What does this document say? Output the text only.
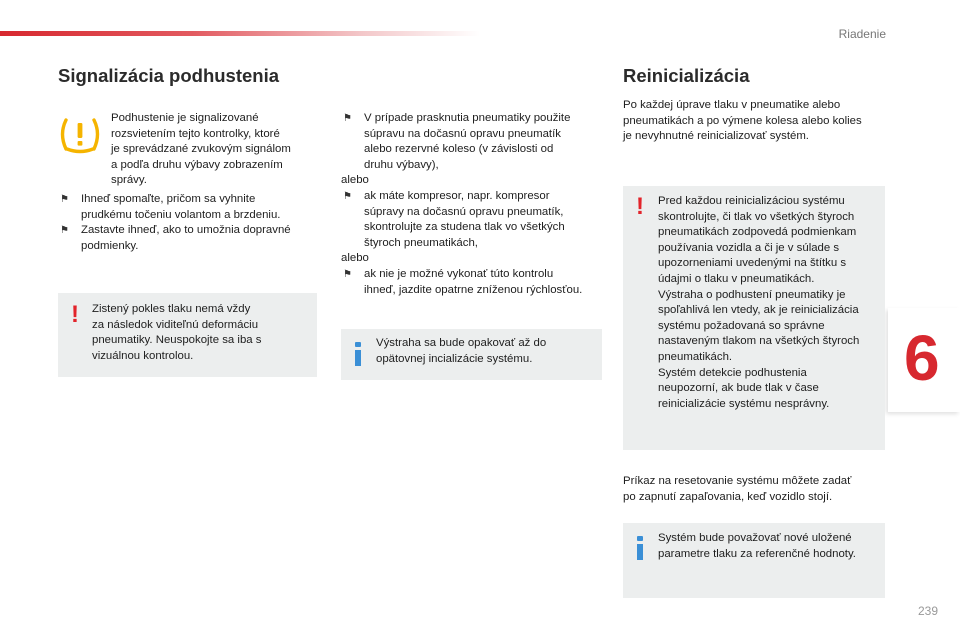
Riadenie
6
Signalizácia podhustenia

Podhustenie je signalizované

rozsvietením tejto kontrolky, ktoré

je sprevádzané zvukovým signálom

a podľa druhu výbavy zobrazením

správy.

⚑ Ihneď spomaľte, pričom sa vyhnite

prudkému točeniu volantom a brzdeniu.

⚑ Zastavte ihneď, ako to umožnia dopravné

podmienky.

! Zistený pokles tlaku nemá vždy

za následok viditeľnú deformáciu

pneumatiky. Neuspokojte sa iba s

vizuálnou kontrolou.

⚑ V prípade prasknutia pneumatiky použite

súpravu na dočasnú opravu pneumatík

alebo rezervné koleso (v závislosti od

druhu výbavy),

alebo

⚑ ak máte kompresor, napr. kompresor

súpravy na dočasnú opravu pneumatík,

skontrolujte za studena tlak vo všetkých

štyroch pneumatikách,

alebo

⚑ ak nie je možné vykonať túto kontrolu

ihneď, jazdite opatrne zníženou rýchlosťou.

Výstraha sa bude opakovať až do

opätovnej incializácie systému.

Reinicializácia

Po každej úprave tlaku v pneumatike alebo

pneumatikách a po výmene kolesa alebo kolies

je nevyhnutné reinicializovať systém.

! Pred každou reinicializáciou systému

skontrolujte, či tlak vo všetkých štyroch

pneumatikách zodpovedá podmienkam

používania vozidla a či je v súlade s

upozorneniami uvedenými na štítku s

údajmi o tlaku v pneumatikách.

Výstraha o podhustení pneumatiky je

spoľahlivá len vtedy, ak je reinicializácia

systému požadovaná so správne

nastaveným tlakom na všetkých štyroch

pneumatikách.

Systém detekcie podhustenia

neupozorní, ak bude tlak v čase

reinicializácie systému nesprávny.

Príkaz na resetovanie systému môžete zadať

po zapnutí zapaľovania, keď vozidlo stojí.

Systém bude považovať nové uložené

parametre tlaku za referenčné hodnoty.

239
